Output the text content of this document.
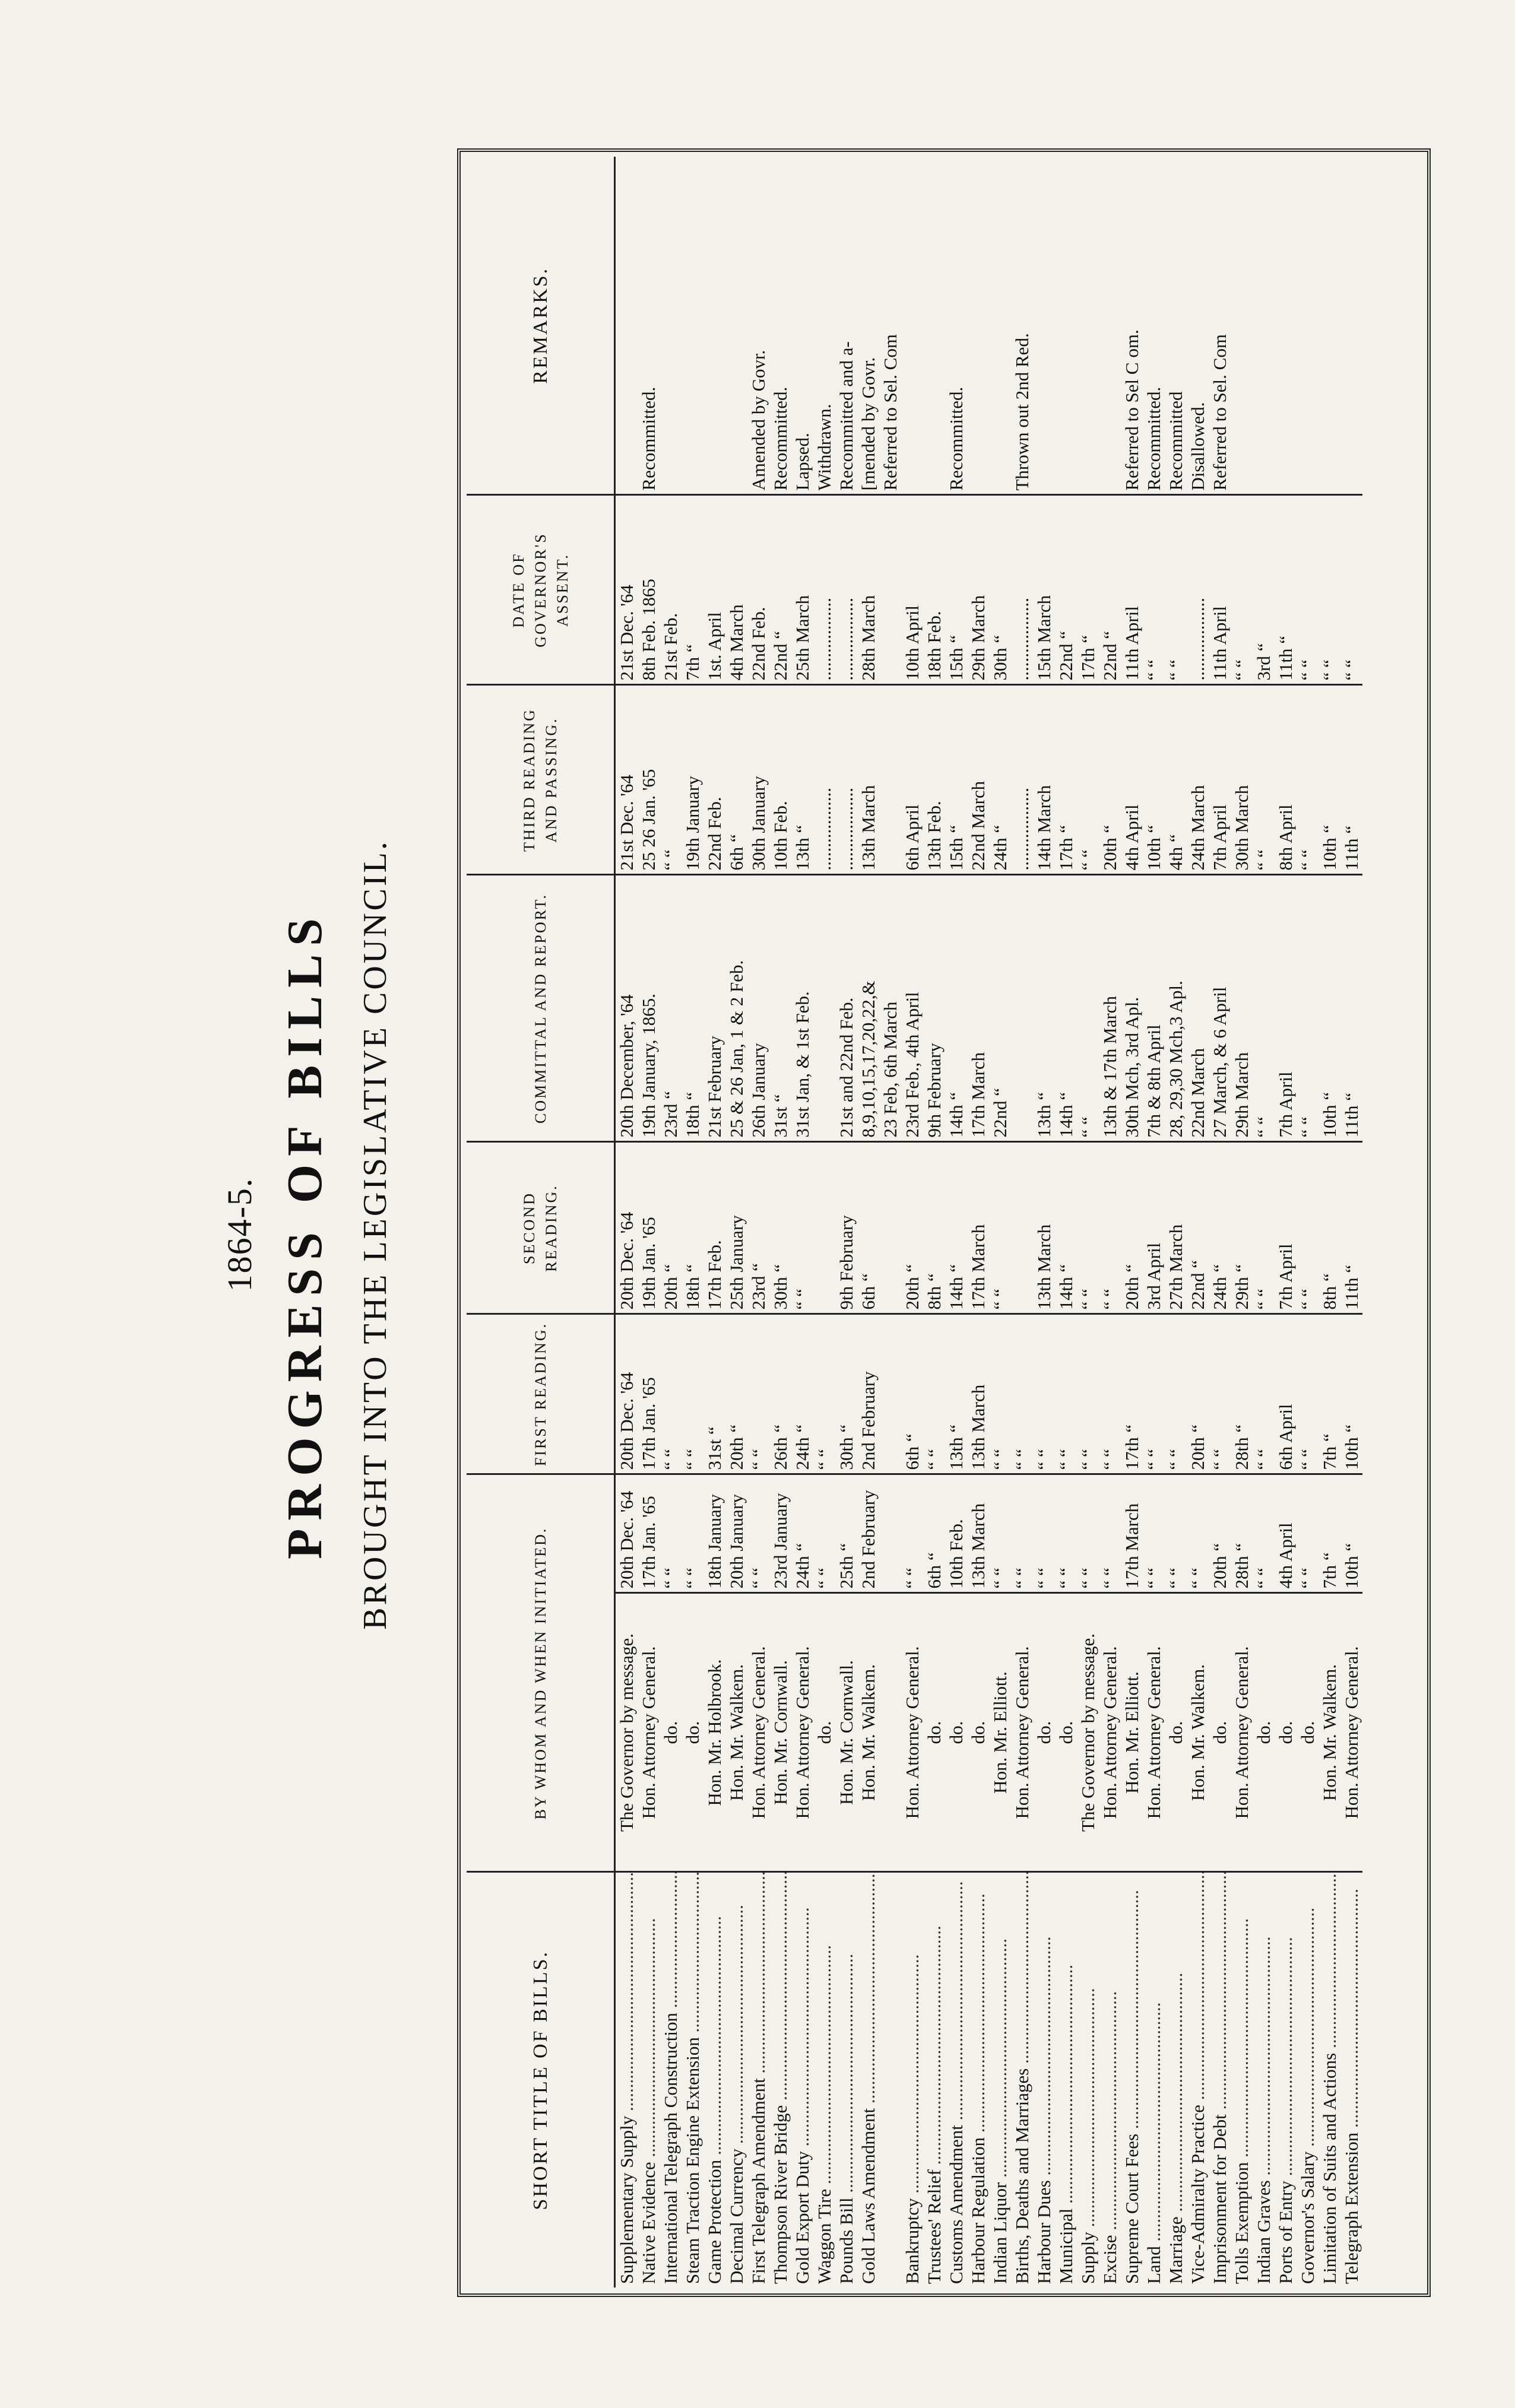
1864-5. PROGRESS OF BILLS BROUGHT INTO THE LEGISLATIVE COUNCIL.
SHORT TITLE OF BILLS.	BY WHOM AND WHEN INITIATED.		FIRST READING.	SECOND READING.	COMMITTAL AND REPORT.	THIRD READING AND PASSING.	DATE OF GOVERNOR'S ASSENT.	REMARKS.
Supplementary Supply .....	The Governor by message.	20th Dec. '64	20th Dec. '64	20th Dec. '64	20th December, '64	21st Dec. '64	21st Dec. '64	
Native Evidence .....	Hon. Attorney General.	17th Jan. '65	17th Jan. '65	19th Jan. '65	19th January, 1865.	25 26 Jan. '65	8th Feb. 1865	Recommitted.
International Telegraph Construction .....	do.	“ “	“ “	20th “	23rd “	“ “	21st Feb.	
Steam Traction Engine Extension .....	do.	“ “	“ “	18th “	18th “	19th January	7th “	
Game Protection .....	Hon. Mr. Holbrook.	18th January	31st “	17th Feb.	21st February	22nd Feb.	1st. April	
Decimal Currency .....	Hon. Mr. Walkem.	20th January	20th “	25th January	25 & 26 Jan, 1 & 2 Feb.	6th “	4th March	
First Telegraph Amendment .....	Hon. Attorney General.	“ “	“ “	23rd “	26th January	30th January	22nd Feb.	Amended by Govr.
Thompson River Bridge .....	Hon. Mr. Cornwall.	23rd January	26th “	30th “	31st “	10th Feb.	22nd “	Recommitted.
Gold Export Duty .....	Hon. Attorney General.	24th “	24th “	“ “	31st Jan, & 1st Feb.	13th “	25th March	Lapsed.
Waggon Tire .....	do.	“ “	“ “			..................	..................	Withdrawn.
Pounds Bill .....	Hon. Mr. Cornwall.	25th “	30th “	9th February	21st and 22nd Feb.	..................	..................	Recommitted and a-
Gold Laws Amendment .....	Hon. Mr. Walkem.	2nd February	2nd February	6th “	8,9,10,15,17,20,22,&	13th March	28th March	[mended by Govr.
					23 Feb, 6th March			Referred to Sel. Com
Bankruptcy .....	Hon. Attorney General.	“ “	6th “	20th “	23rd Feb., 4th April	6th April	10th April	
Trustees' Relief .....	do.	6th “	“ “	8th “	9th February	13th Feb.	18th Feb.	
Customs Amendment .....	do.	10th Feb.	13th “	14th “	14th “	15th “	15th “	Recommitted.
Harbour Regulation .....	do.	13th March	13th March	17th March	17th March	22nd March	29th March	
Indian Liquor .....	Hon. Mr. Elliott.	“ “	“ “	“ “	22nd “	24th “	30th “	
Births, Deaths and Marriages .....	Hon. Attorney General.	“ “	“ “			..................	..................	Thrown out 2nd Red.
Harbour Dues .....	do.	“ “	“ “	13th March	13th “	14th March	15th March	
Municipal .....	do.	“ “	“ “	14th “	14th “	17th “	22nd “	
Supply .....	The Governor by message.	“ “	“ “	“ “	“ “	“ “	17th “	
Excise .....	Hon. Attorney General.	“ “	“ “	“ “	13th & 17th March	20th “	22nd “	
Supreme Court Fees .....	Hon. Mr. Elliott.	17th March	17th “	20th “	30th Mch, 3rd Apl.	4th April	11th April	Referred to Sel C om.
Land .....	Hon. Attorney General.	“ “	“ “	3rd April	7th & 8th April	10th “	“ “	Recommitted.
Marriage .....	do.	“ “	“ “	27th March	28, 29,30 Mch,3 Apl.	4th “	“ “	Recommitted
Vice-Admiralty Practice .....	Hon. Mr. Walkem.	“ “	20th “	22nd “	22nd March	24th March	..................	Disallowed.
Imprisonment for Debt .....	do.	20th “	“ “	24th “	27 March, & 6 April	7th April	11th April	Referred to Sel. Com
Tolls Exemption .....	Hon. Attorney General.	28th “	28th “	29th “	29th March	30th March	“ “	
Indian Graves .....	do.	“ “	“ “	“ “	“ “	“ “	3rd “	
Ports of Entry .....	do.	4th April	6th April	7th April	7th April	8th April	11th “	
Governor's Salary .....	do.	“ “	“ “	“ “	“ “	“ “	“ “	
Limitation of Suits and Actions .....	Hon. Mr. Walkem.	7th “	7th “	8th “	10th “	10th “	“ “	
Telegraph Extension .....	Hon. Attorney General.	10th “	10th “	11th “	11th “	11th “	“ “	
